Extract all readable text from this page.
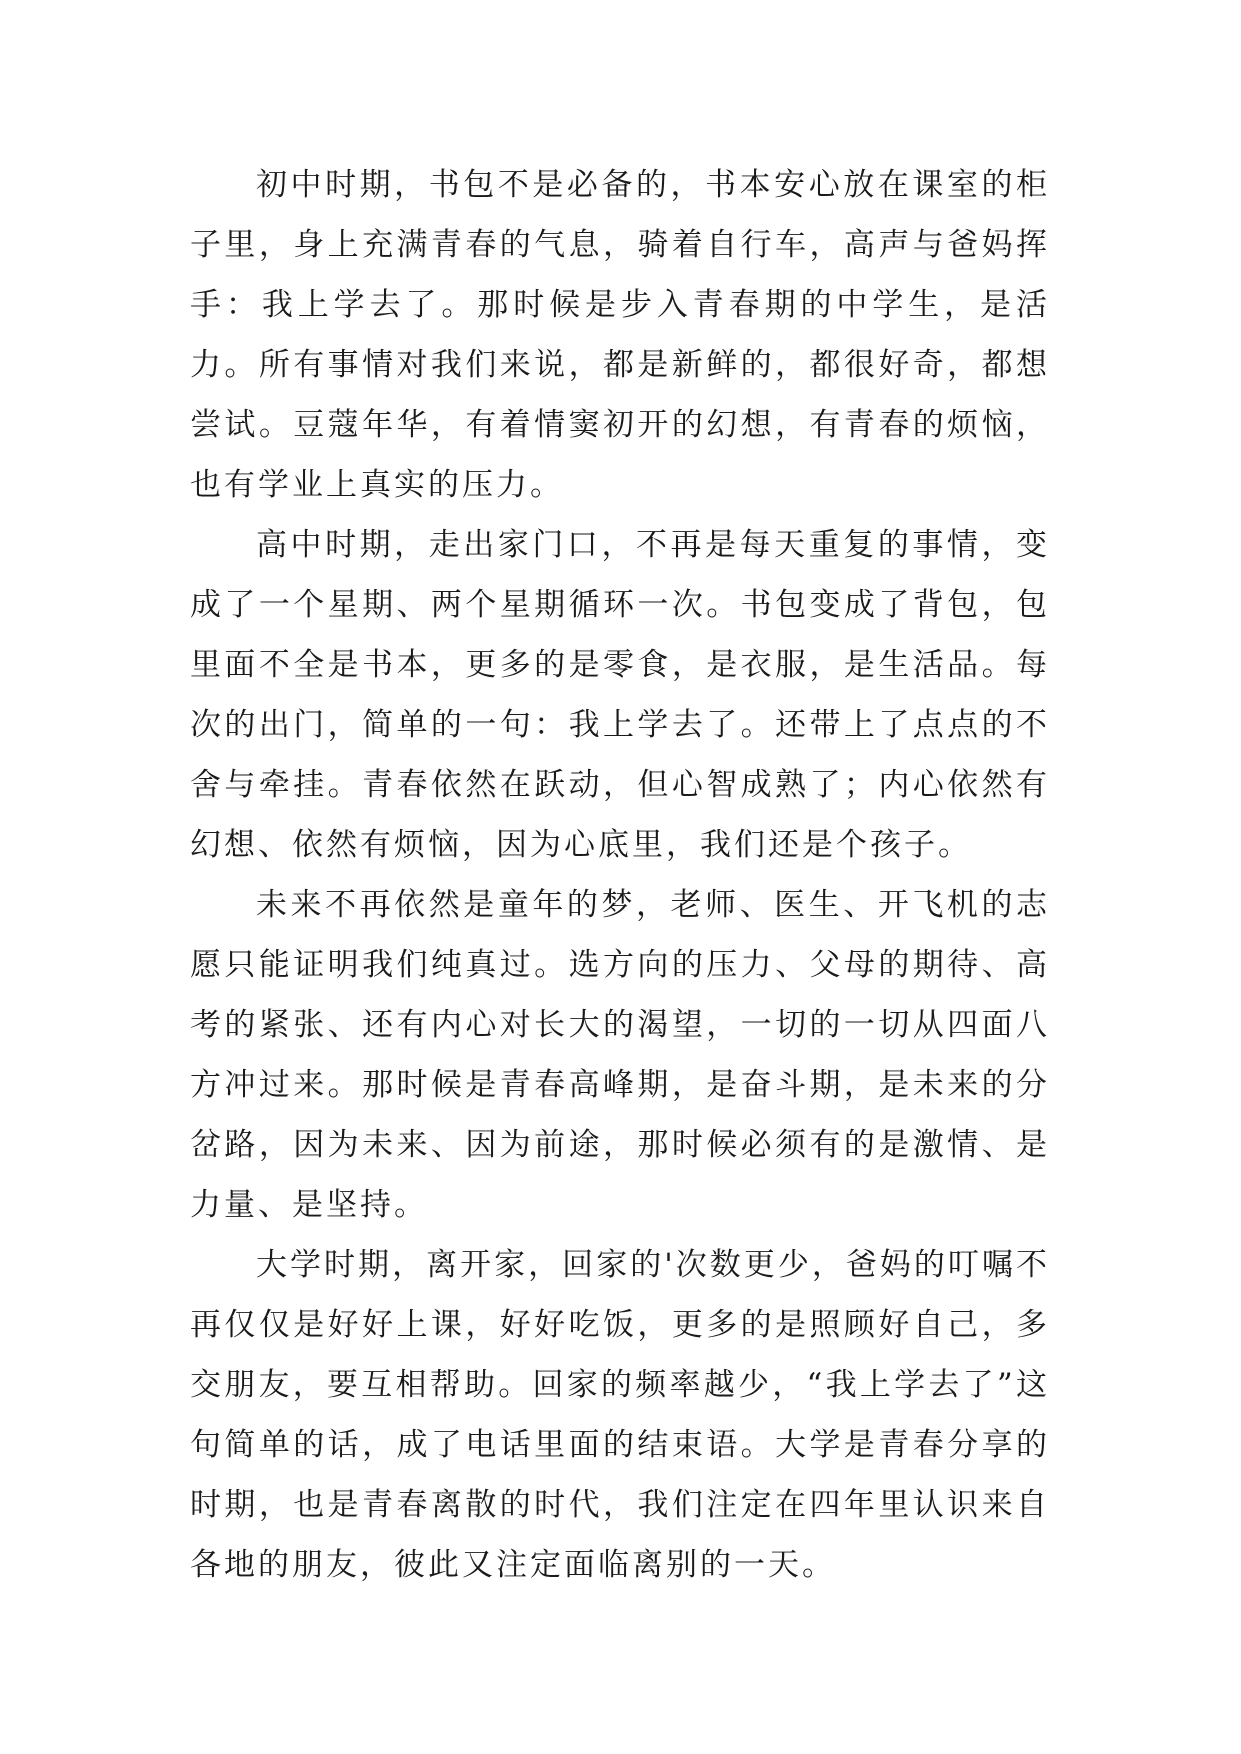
初中时期，书包不是必备的，书本安心放在课室的柜子里，身上充满青春的气息，骑着自行车，高声与爸妈挥手：我上学去了。那时候是步入青春期的中学生，是活力。所有事情对我们来说，都是新鲜的，都很好奇，都想尝试。豆蔻年华，有着情窦初开的幻想，有青春的烦恼，也有学业上真实的压力。

高中时期，走出家门口，不再是每天重复的事情，变成了一个星期、两个星期循环一次。书包变成了背包，包里面不全是书本，更多的是零食，是衣服，是生活品。每次的出门，简单的一句：我上学去了。还带上了点点的不舍与牵挂。青春依然在跃动，但心智成熟了；内心依然有幻想、依然有烦恼，因为心底里，我们还是个孩子。

未来不再依然是童年的梦，老师、医生、开飞机的志愿只能证明我们纯真过。选方向的压力、父母的期待、高考的紧张、还有内心对长大的渴望，一切的一切从四面八方冲过来。那时候是青春高峰期，是奋斗期，是未来的分岔路，因为未来、因为前途，那时候必须有的是激情、是力量、是坚持。

大学时期，离开家，回家的'次数更少，爸妈的叮嘱不再仅仅是好好上课，好好吃饭，更多的是照顾好自己，多交朋友，要互相帮助。回家的频率越少，“我上学去了”这句简单的话，成了电话里面的结束语。大学是青春分享的时期，也是青春离散的时代，我们注定在四年里认识来自各地的朋友，彼此又注定面临离别的一天。
